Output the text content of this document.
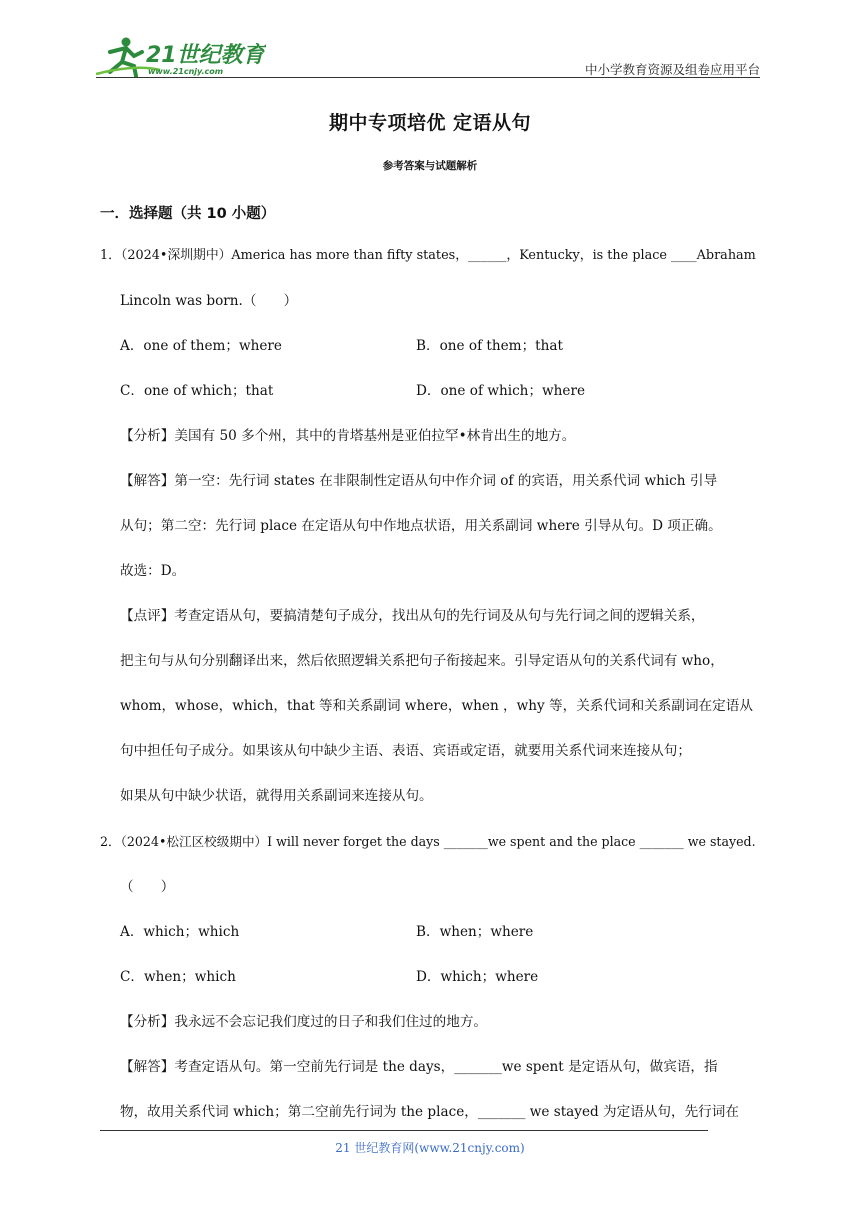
21世纪教育
www.21cnjy.com	中小学教育资源及组卷应用平台
期中专项培优 定语从句
参考答案与试题解析
一．选择题（共 10 小题）
1．（2024•深圳期中）America has more than fifty states，______，Kentucky，is the place ____Abraham
Lincoln was born.（　　）
A．one of them；where	B．one of them；that
C．one of which；that	D．one of which；where
【分析】美国有 50 多个州，其中的肯塔基州是亚伯拉罕•林肯出生的地方。
【解答】第一空：先行词 states 在非限制性定语从句中作介词 of 的宾语，用关系代词 which 引导
从句；第二空：先行词 place 在定语从句中作地点状语，用关系副词 where 引导从句。D 项正确。
故选：D。
【点评】考查定语从句，要搞清楚句子成分，找出从句的先行词及从句与先行词之间的逻辑关系，
把主句与从句分别翻译出来，然后依照逻辑关系把句子衔接起来。引导定语从句的关系代词有 who，
whom，whose，which，that 等和关系副词 where，when ，why 等，关系代词和关系副词在定语从
句中担任句子成分。如果该从句中缺少主语、表语、宾语或定语，就要用关系代词来连接从句；
如果从句中缺少状语，就得用关系副词来连接从句。
2．（2024•松江区校级期中）I will never forget the days _______we spent and the place _______ we stayed.
（　　）
A．which；which	B．when；where
C．when；which	D．which；where
【分析】我永远不会忘记我们度过的日子和我们住过的地方。
【解答】考查定语从句。第一空前先行词是 the days，_______we spent 是定语从句，做宾语，指
物，故用关系代词 which；第二空前先行词为 the place，_______ we stayed 为定语从句，先行词在
21 世纪教育网(www.21cnjy.com)
